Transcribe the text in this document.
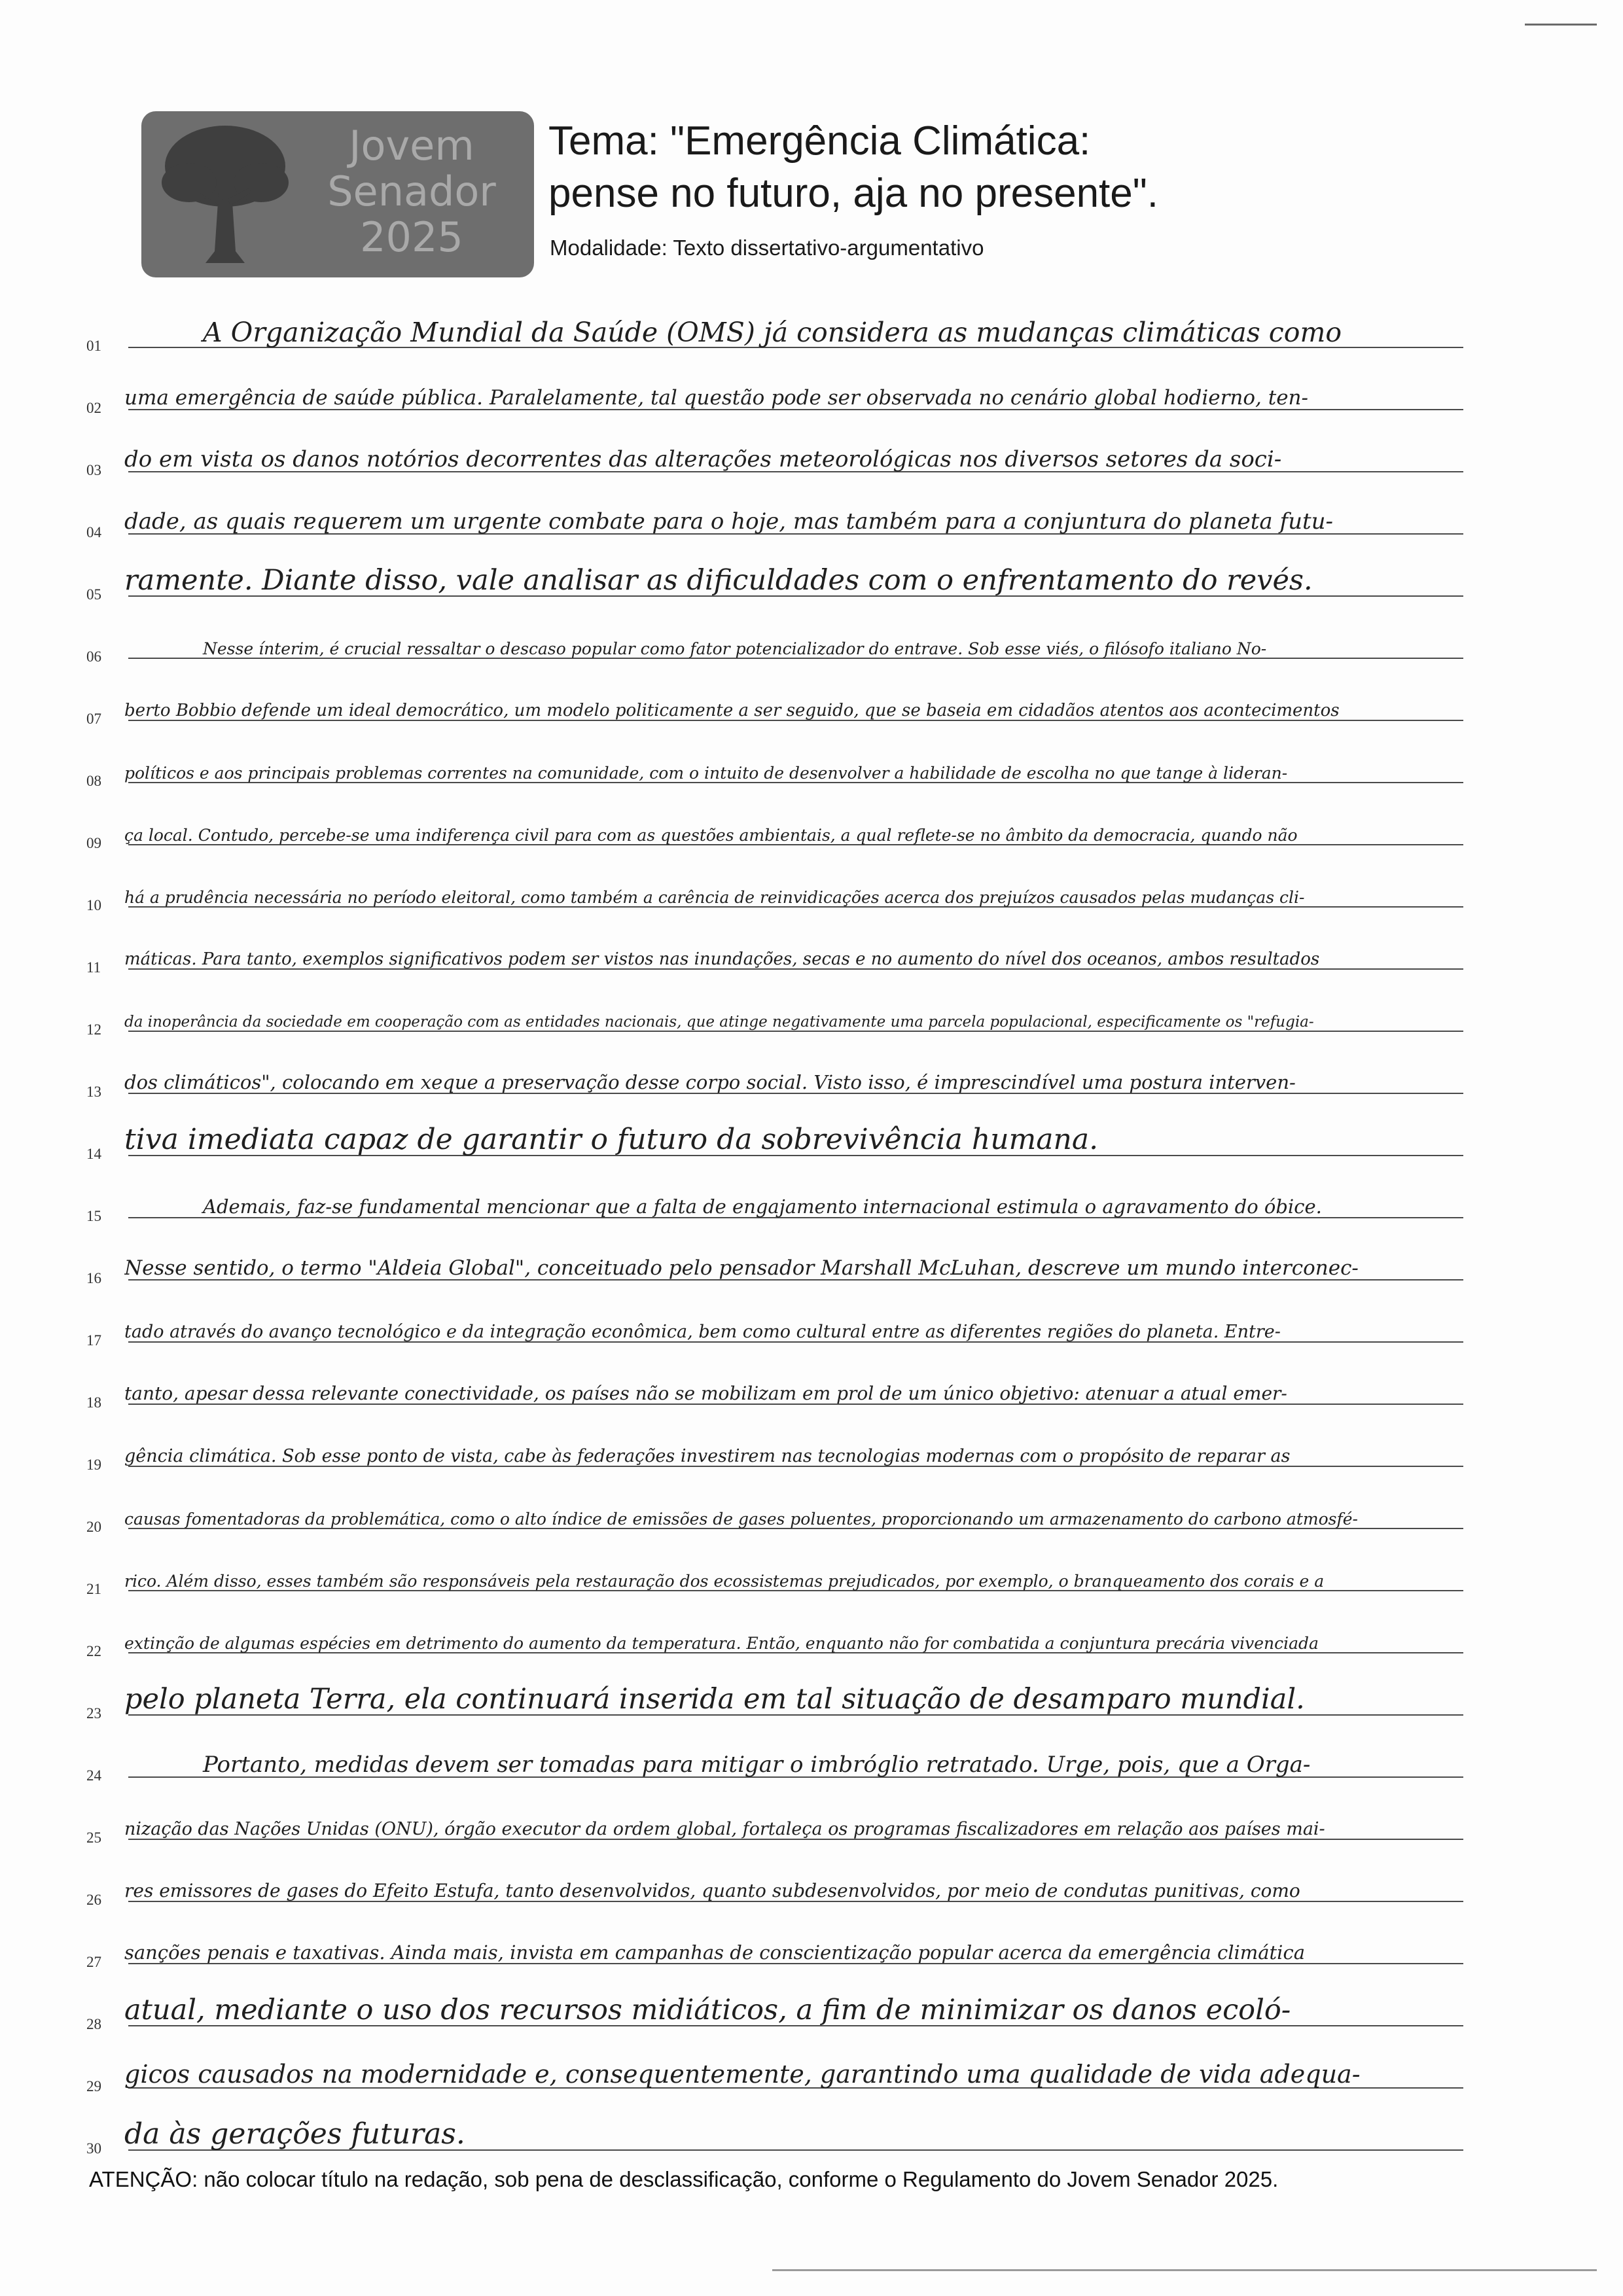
Jovem
Senador
2025
Tema: "Emergência Climática:
pense no futuro, aja no presente".
Modalidade: Texto dissertativo-argumentativo
01	A Organização Mundial da Saúde (OMS) já considera as mudanças climáticas como
02	uma emergência de saúde pública. Paralelamente, tal questão pode ser observada no cenário global hodierno, ten-
03	do em vista os danos notórios decorrentes das alterações meteorológicas nos diversos setores da soci-
04	dade, as quais requerem um urgente combate para o hoje, mas também para a conjuntura do planeta futu-
05 ramente. Diante disso, vale analisar as dificuldades com o enfrentamento do revés.
06	Nesse ínterim, é crucial ressaltar o descaso popular como fator potencializador do entrave. Sob esse viés, o filósofo italiano No-
07	berto Bobbio defende um ideal democrático, um modelo politicamente a ser seguido, que se baseia em cidadãos atentos aos acontecimentos
08	políticos e aos principais problemas correntes na comunidade, com o intuito de desenvolver a habilidade de escolha no que tange à lideran-
09	ça local. Contudo, percebe-se uma indiferença civil para com as questões ambientais, a qual reflete-se no âmbito da democracia, quando não
10	há a prudência necessária no período eleitoral, como também a carência de reinvidicações acerca dos prejuízos causados pelas mudanças cli-
11	máticas. Para tanto, exemplos significativos podem ser vistos nas inundações, secas e no aumento do nível dos oceanos, ambos resultados
12	da inoperância da sociedade em cooperação com as entidades nacionais, que atinge negativamente uma parcela populacional, especificamente os "refugia-
13	dos climáticos", colocando em xeque a preservação desse corpo social. Visto isso, é imprescindível uma postura interven-
14 tiva imediata capaz de garantir o futuro da sobrevivência humana.
15	Ademais, faz-se fundamental mencionar que a falta de engajamento internacional estimula o agravamento do óbice.
16	Nesse sentido, o termo "Aldeia Global", conceituado pelo pensador Marshall McLuhan, descreve um mundo interconec-
17	tado através do avanço tecnológico e da integração econômica, bem como cultural entre as diferentes regiões do planeta. Entre-
18	tanto, apesar dessa relevante conectividade, os países não se mobilizam em prol de um único objetivo: atenuar a atual emer-
19	gência climática. Sob esse ponto de vista, cabe às federações investirem nas tecnologias modernas com o propósito de reparar as
20	causas fomentadoras da problemática, como o alto índice de emissões de gases poluentes, proporcionando um armazenamento do carbono atmosfé-
21	rico. Além disso, esses também são responsáveis pela restauração dos ecossistemas prejudicados, por exemplo, o branqueamento dos corais e a
22	extinção de algumas espécies em detrimento do aumento da temperatura. Então, enquanto não for combatida a conjuntura precária vivenciada
23 pelo planeta Terra, ela continuará inserida em tal situação de desamparo mundial.
24	Portanto, medidas devem ser tomadas para mitigar o imbróglio retratado. Urge, pois, que a Orga-
25	nização das Nações Unidas (ONU), órgão executor da ordem global, fortaleça os programas fiscalizadores em relação aos países mai-
26	res emissores de gases do Efeito Estufa, tanto desenvolvidos, quanto subdesenvolvidos, por meio de condutas punitivas, como
27	sanções penais e taxativas. Ainda mais, invista em campanhas de conscientização popular acerca da emergência climática
28 atual, mediante o uso dos recursos midiáticos, a fim de minimizar os danos ecoló-
29 gicos causados na modernidade e, consequentemente, garantindo uma qualidade de vida adequa-
30 da às gerações futuras.
ATENÇÃO: não colocar título na redação, sob pena de desclassificação, conforme o Regulamento do Jovem Senador 2025.
